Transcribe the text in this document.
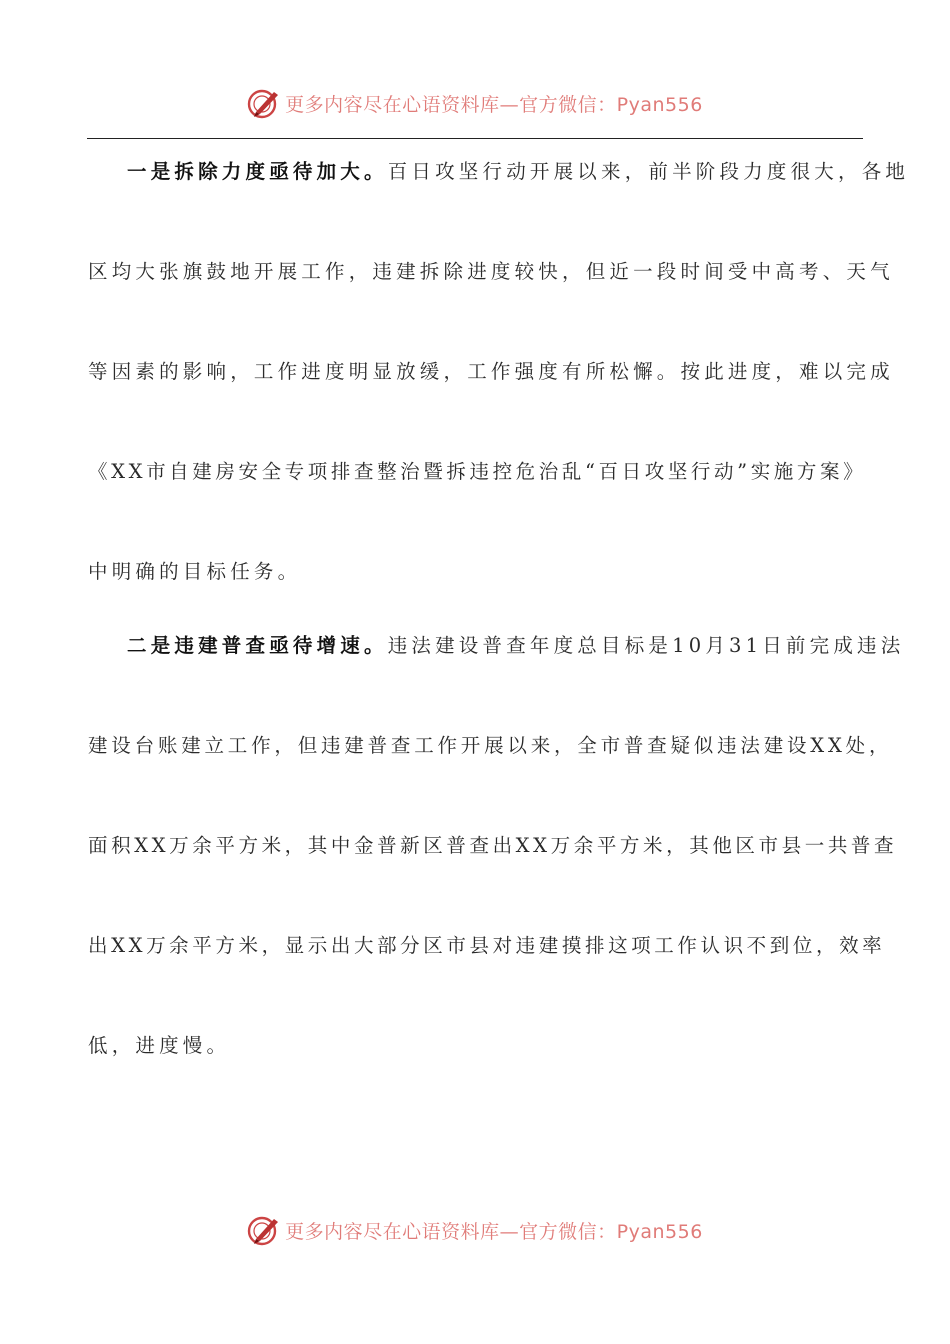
更多内容尽在心语资料库—官方微信：Pyan556
一是拆除力度亟待加大。百日攻坚行动开展以来，前半阶段力度很大，各地
区均大张旗鼓地开展工作，违建拆除进度较快，但近一段时间受中高考、天气
等因素的影响，工作进度明显放缓，工作强度有所松懈。按此进度，难以完成
《XX市自建房安全专项排查整治暨拆违控危治乱“百日攻坚行动”实施方案》
中明确的目标任务。
二是违建普查亟待增速。违法建设普查年度总目标是10月31日前完成违法
建设台账建立工作，但违建普查工作开展以来，全市普查疑似违法建设XX处，
面积XX万余平方米，其中金普新区普查出XX万余平方米，其他区市县一共普查
出XX万余平方米，显示出大部分区市县对违建摸排这项工作认识不到位，效率
低，进度慢。
更多内容尽在心语资料库—官方微信：Pyan556
